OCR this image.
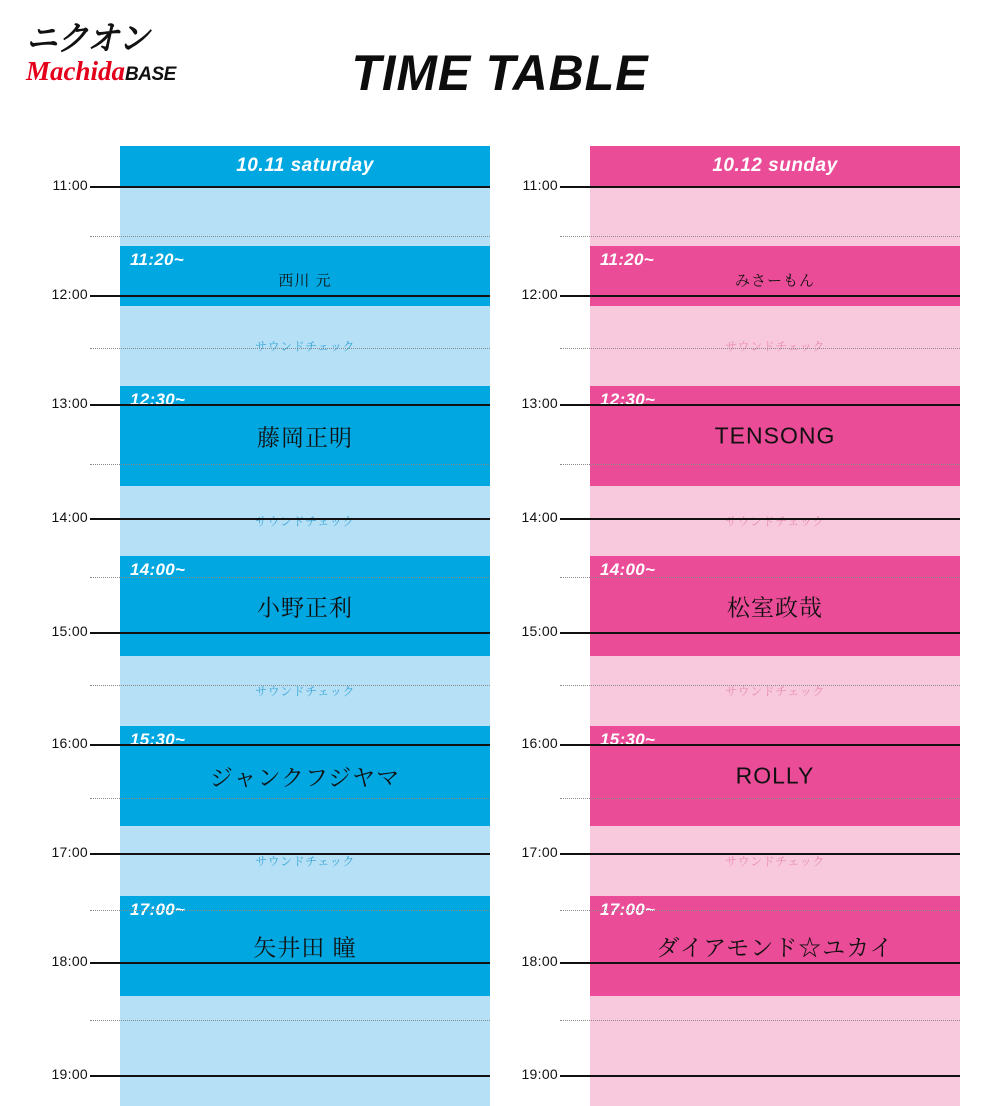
ニクオン
MachidaBASE	TIME TABLE
10.11 saturday
11:20~
西川 元
サウンドチェック
12:30~
藤岡正明
サウンドチェック
14:00~
小野正利
サウンドチェック
15:30~
ジャンクフジヤマ
サウンドチェック
17:00~
矢井田 瞳
10.12 sunday
11:20~
みさーもん
サウンドチェック
12:30~
TENSONG
サウンドチェック
14:00~
松室政哉
サウンドチェック
15:30~
ROLLY
サウンドチェック
17:00~
ダイアモンド☆ユカイ
11:00
12:00
13:00
14:00
15:00
16:00
17:00
18:00
19:00
11:00
12:00
13:00
14:00
15:00
16:00
17:00
18:00
19:00
